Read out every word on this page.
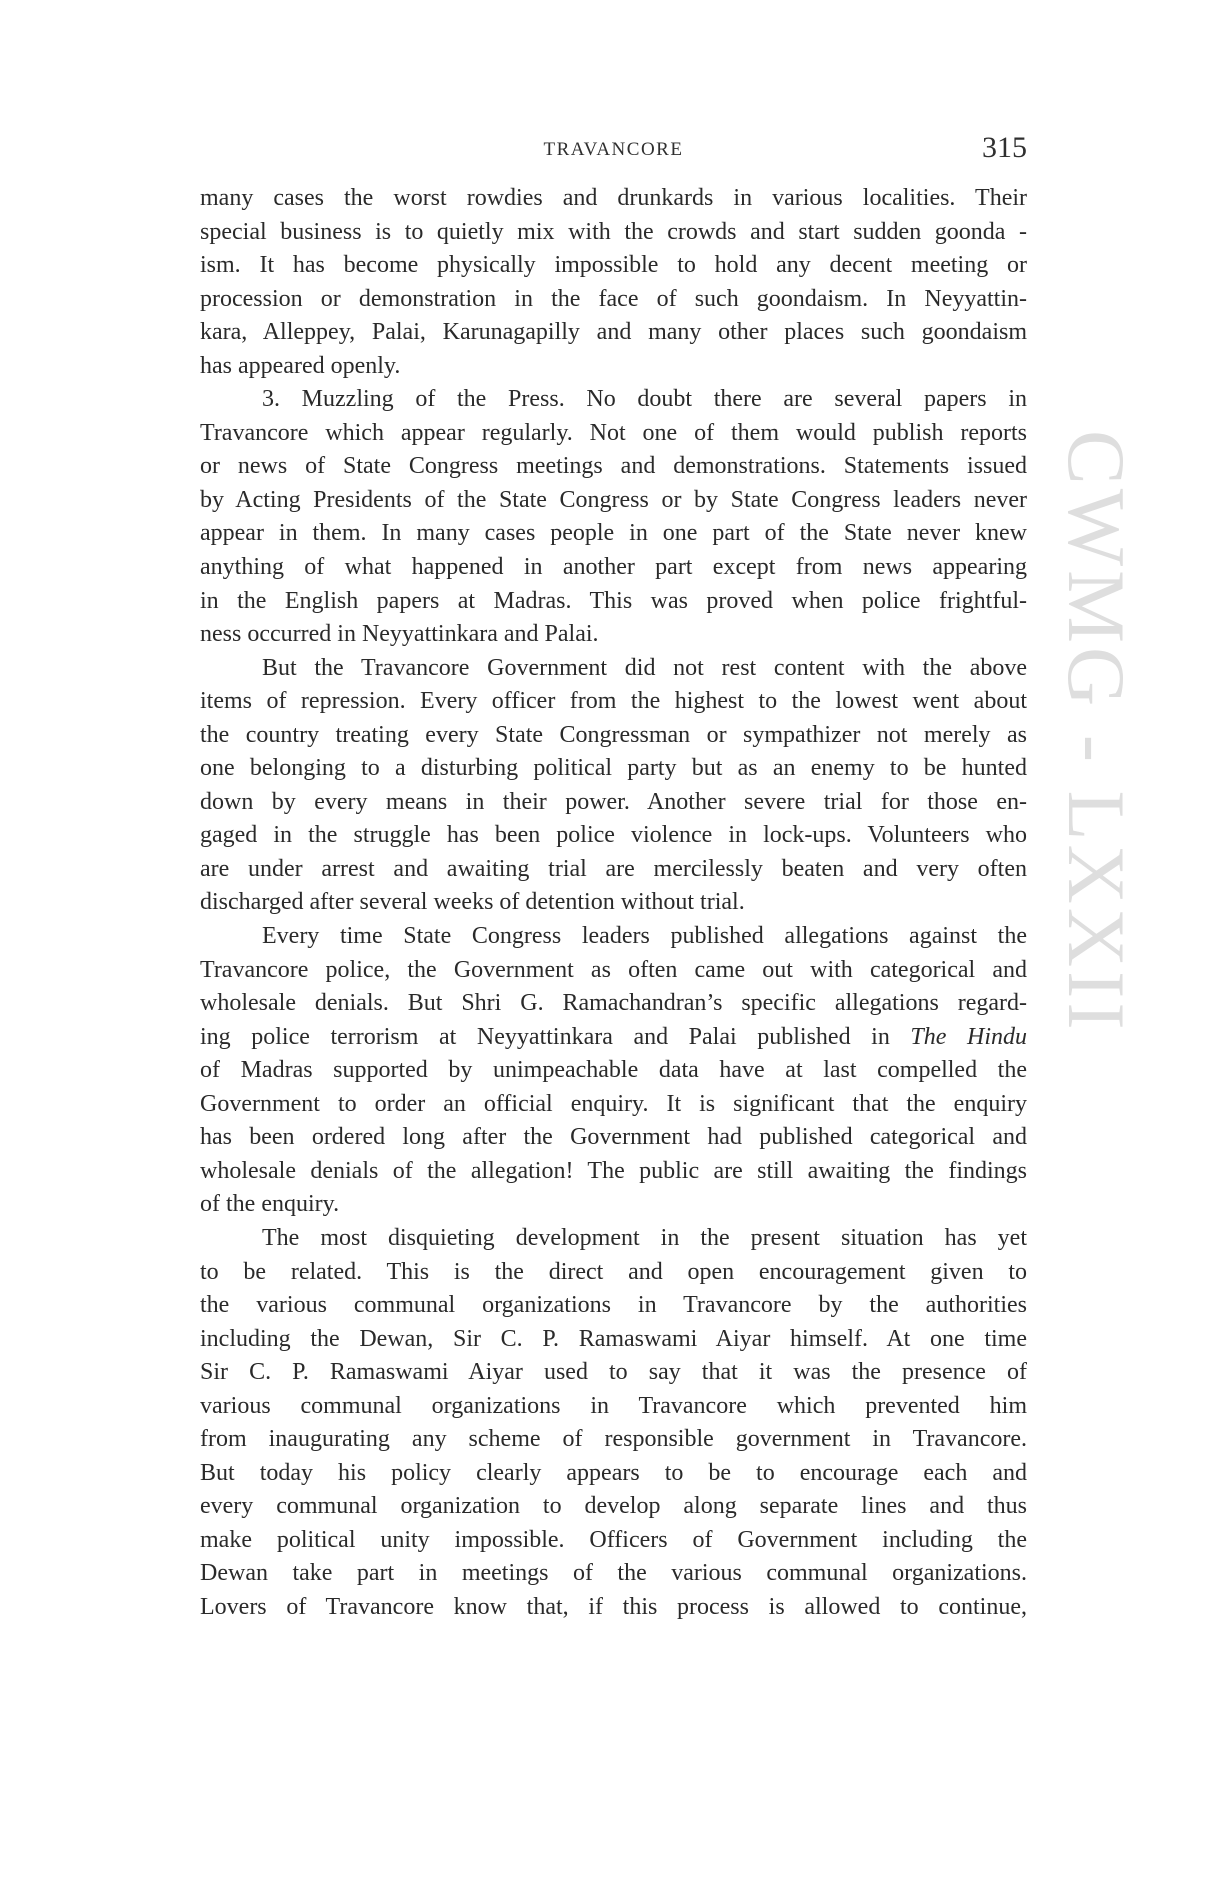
TRAVANCORE	315
CWMG - LXXII
many cases the worst rowdies and drunkards in various localities. Their
special business is to quietly mix with the crowds and start sudden goonda -
ism. It has become physically impossible to hold any decent meeting or
procession or demonstration in the face of such goondaism. In Neyyattin-
kara, Alleppey, Palai, Karunagapilly and many other places such goondaism
has appeared openly.
3. Muzzling of the Press. No doubt there are several papers in
Travancore which appear regularly. Not one of them would publish reports
or news of State Congress meetings and demonstrations. Statements issued
by Acting Presidents of the State Congress or by State Congress leaders never
appear in them. In many cases people in one part of the State never knew
anything of what happened in another part except from news appearing
in the English papers at Madras. This was proved when police frightful-
ness occurred in Neyyattinkara and Palai.
But the Travancore Government did not rest content with the above
items of repression. Every officer from the highest to the lowest went about
the country treating every State Congressman or sympathizer not merely as
one belonging to a disturbing political party but as an enemy to be hunted
down by every means in their power. Another severe trial for those en-
gaged in the struggle has been police violence in lock-ups. Volunteers who
are under arrest and awaiting trial are mercilessly beaten and very often
discharged after several weeks of detention without trial.
Every time State Congress leaders published allegations against the
Travancore police, the Government as often came out with categorical and
wholesale denials. But Shri G. Ramachandran’s specific allegations regard-
ing police terrorism at Neyyattinkara and Palai published in The Hindu
of Madras supported by unimpeachable data have at last compelled the
Government to order an official enquiry. It is significant that the enquiry
has been ordered long after the Government had published categorical and
wholesale denials of the allegation! The public are still awaiting the findings
of the enquiry.
The most disquieting development in the present situation has yet
to be related. This is the direct and open encouragement given to
the various communal organizations in Travancore by the authorities
including the Dewan, Sir C. P. Ramaswami Aiyar himself. At one time
Sir C. P. Ramaswami Aiyar used to say that it was the presence of
various communal organizations in Travancore which prevented him
from inaugurating any scheme of responsible government in Travancore.
But today his policy clearly appears to be to encourage each and
every communal organization to develop along separate lines and thus
make political unity impossible. Officers of Government including the
Dewan take part in meetings of the various communal organizations.
Lovers of Travancore know that, if this process is allowed to continue,
